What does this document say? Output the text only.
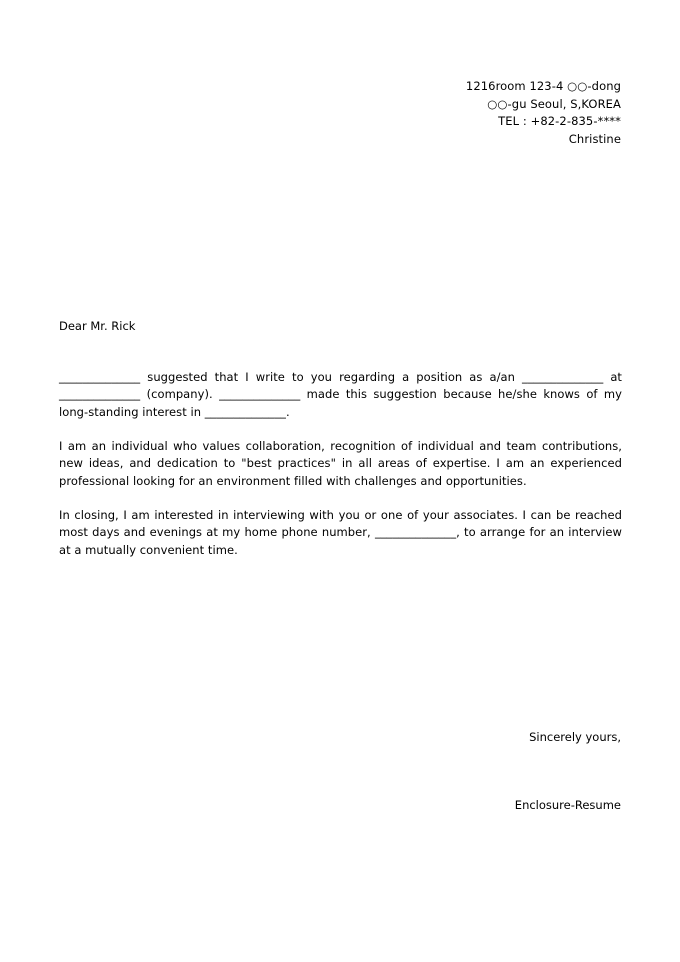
1216room 123-4 ○○-dong
○○-gu Seoul, S,KOREA
TEL : +82-2-835-****
Christine
Dear Mr. Rick
______________ suggested that I write to you regarding a position as a/an ______________ at ______________ (company). ______________ made this suggestion because he/she knows of my long-standing interest in ______________.
I am an individual who values collaboration, recognition of individual and team contributions, new ideas, and dedication to "best practices" in all areas of expertise. I am an experienced professional looking for an environment filled with challenges and opportunities.
In closing, I am interested in interviewing with you or one of your associates. I can be reached most days and evenings at my home phone number, ______________, to arrange for an interview at a mutually convenient time.
Sincerely yours,
Enclosure-Resume
